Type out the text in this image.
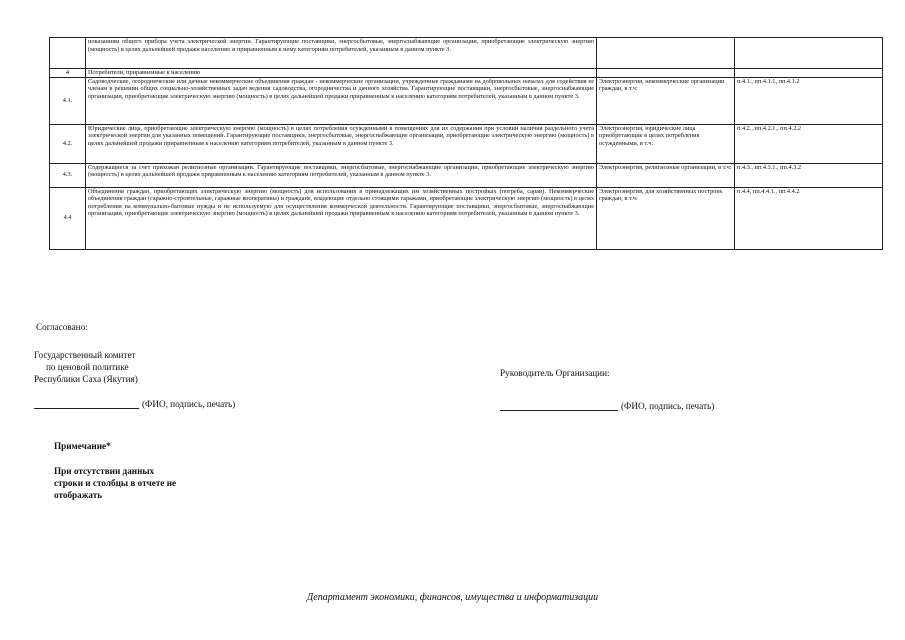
	показаниям общего прибора учета электрической энергии. Гарантирующие поставщики, энергосбытовые, энергоснабжающие организации, приобретающие электрическую энергию (мощность) в целях дальнейшей продажи населению и приравненным к нему категориям потребителей, указанным в данном пункте 3.		
4	Потребители, приравненные к населению		
4.1.	Садоводческие, огороднические или дачные некоммерческие объединения граждан - некоммерческие организации, учрежденные гражданами на добровольных началах для содействия ее членам в решении общих социально-хозяйственных задач ведения садоводства, огородничества и дачного хозяйства. Гарантирующие поставщики, энергосбытовые, энергоснабжающие организации, приобретающие электрическую энергию (мощность) в целях дальнейшей продажи приравненным к населению категориям потребителей, указанным в данном пункте 3.	Электроэнергия, некоммерческие организации граждан, в т.ч:	п.4.1., пп.4.1.1, пп.4.1.2
4.2.	Юридические лица, приобретающие электрическую энергию (мощность) в целях потребления осужденными в помещениях для их содержания при условии наличия раздельного учета электрической энергии для указанных помещений. Гарантирующие поставщики, энергосбытовые, энергоснабжающие организации, приобретающие электрическую энергию (мощность) в целях дальнейшей продажи приравненным к населению категориям потребителей, указанным в данном пункте 3.	Электроэнергия, юридические лица приобретающие в целях потребления осужденными, в т.ч:	п.4.2., пп.4.2.1., пп.4.2.2
4.3.	Содержащиеся за счет прихожан религиозные организации. Гарантирующие поставщики, энергосбытовые, энергоснабжающие организации, приобретающие электрическую энергию (мощность) в целях дальнейшей продажи приравненным к населению категориям потребителей, указанным в данном пункте 3.	Электроэнергия, религиозные организации, в т.ч:	п.4.3., пп.4.3.1., пп.4.3.2
4.4	Объединения граждан, приобретающих электрическую энергию (мощность) для использования в принадлежащих им хозяйственных постройках (погреба, сараи). Некоммерческие объединения граждан (гаражно-строительные, гаражные кооперативы) и граждане, владеющие отдельно стоящими гаражами, приобретающие электрическую энергию (мощность) в целях потребления на коммунально-бытовые нужды и не используемую для осуществления коммерческой деятельности. Гарантирующие поставщики, энергосбытовые, энергоснабжающие организации, приобретающие электрическую энергию (мощность) в целях дальнейшей продажи приравненным к населению категориям потребителей, указанным в данном пункте 3.	Электроэнергия, для хозяйственных построек граждан, в т.ч:	п.4.4, пп.4.4.1., пп.4.4.2
Согласовано:
Государственный комитет
по ценовой политике
Республики Саха (Якутия)
(ФИО, подпись, печать)
Руководитель Организации:
(ФИО, подпись, печать)
Примечание*
При отсутствии данных
строки и столбцы в отчете не
отображать
Департамент экономики, финансов, имущества и информатизации
